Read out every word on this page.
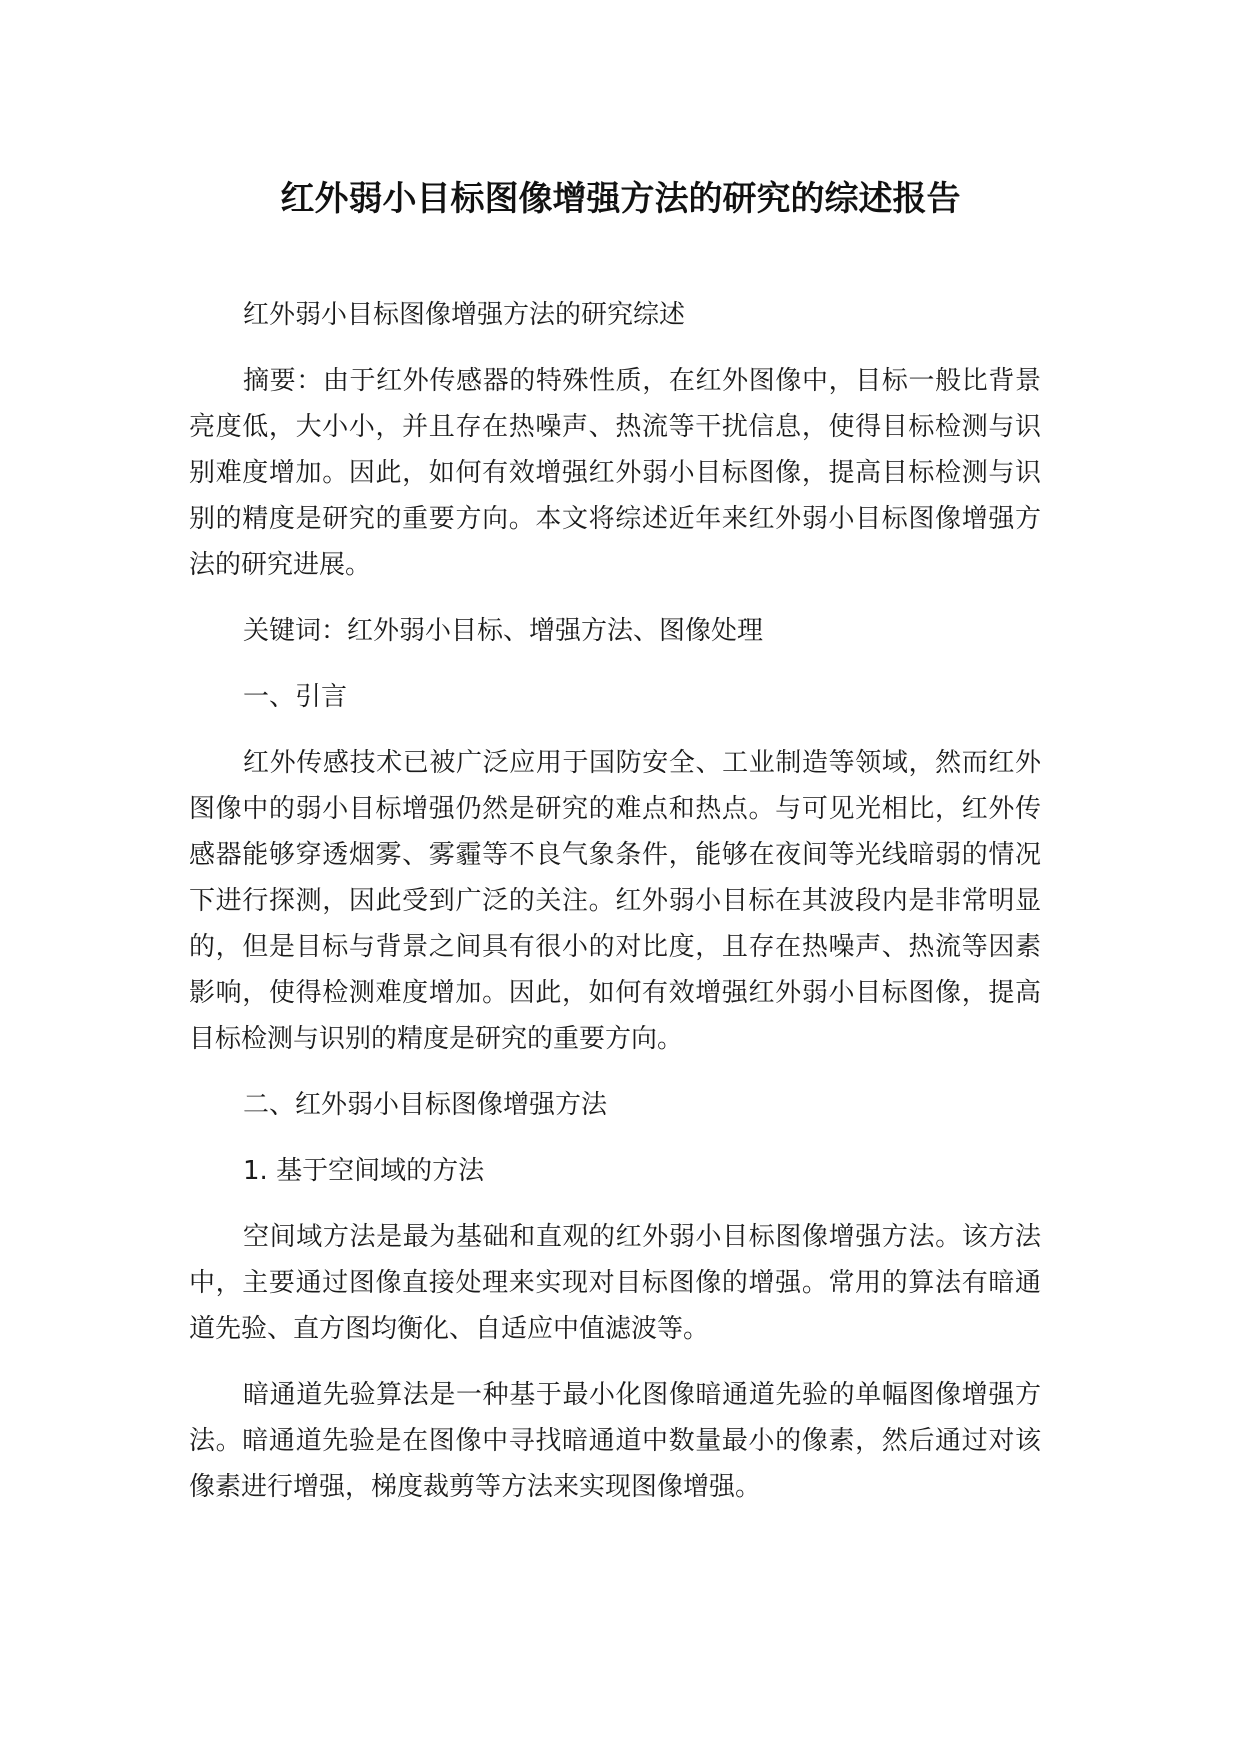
红外弱小目标图像增强方法的研究的综述报告

红外弱小目标图像增强方法的研究综述

摘要：由于红外传感器的特殊性质，在红外图像中，目标一般比背景亮度低，大小小，并且存在热噪声、热流等干扰信息，使得目标检测与识别难度增加。因此，如何有效增强红外弱小目标图像，提高目标检测与识别的精度是研究的重要方向。本文将综述近年来红外弱小目标图像增强方法的研究进展。

关键词：红外弱小目标、增强方法、图像处理

一、引言

红外传感技术已被广泛应用于国防安全、工业制造等领域，然而红外图像中的弱小目标增强仍然是研究的难点和热点。与可见光相比，红外传感器能够穿透烟雾、雾霾等不良气象条件，能够在夜间等光线暗弱的情况下进行探测，因此受到广泛的关注。红外弱小目标在其波段内是非常明显的，但是目标与背景之间具有很小的对比度，且存在热噪声、热流等因素影响，使得检测难度增加。因此，如何有效增强红外弱小目标图像，提高目标检测与识别的精度是研究的重要方向。

二、红外弱小目标图像增强方法

1. 基于空间域的方法

空间域方法是最为基础和直观的红外弱小目标图像增强方法。该方法中，主要通过图像直接处理来实现对目标图像的增强。常用的算法有暗通道先验、直方图均衡化、自适应中值滤波等。

暗通道先验算法是一种基于最小化图像暗通道先验的单幅图像增强方法。暗通道先验是在图像中寻找暗通道中数量最小的像素，然后通过对该像素进行增强，梯度裁剪等方法来实现图像增强。
